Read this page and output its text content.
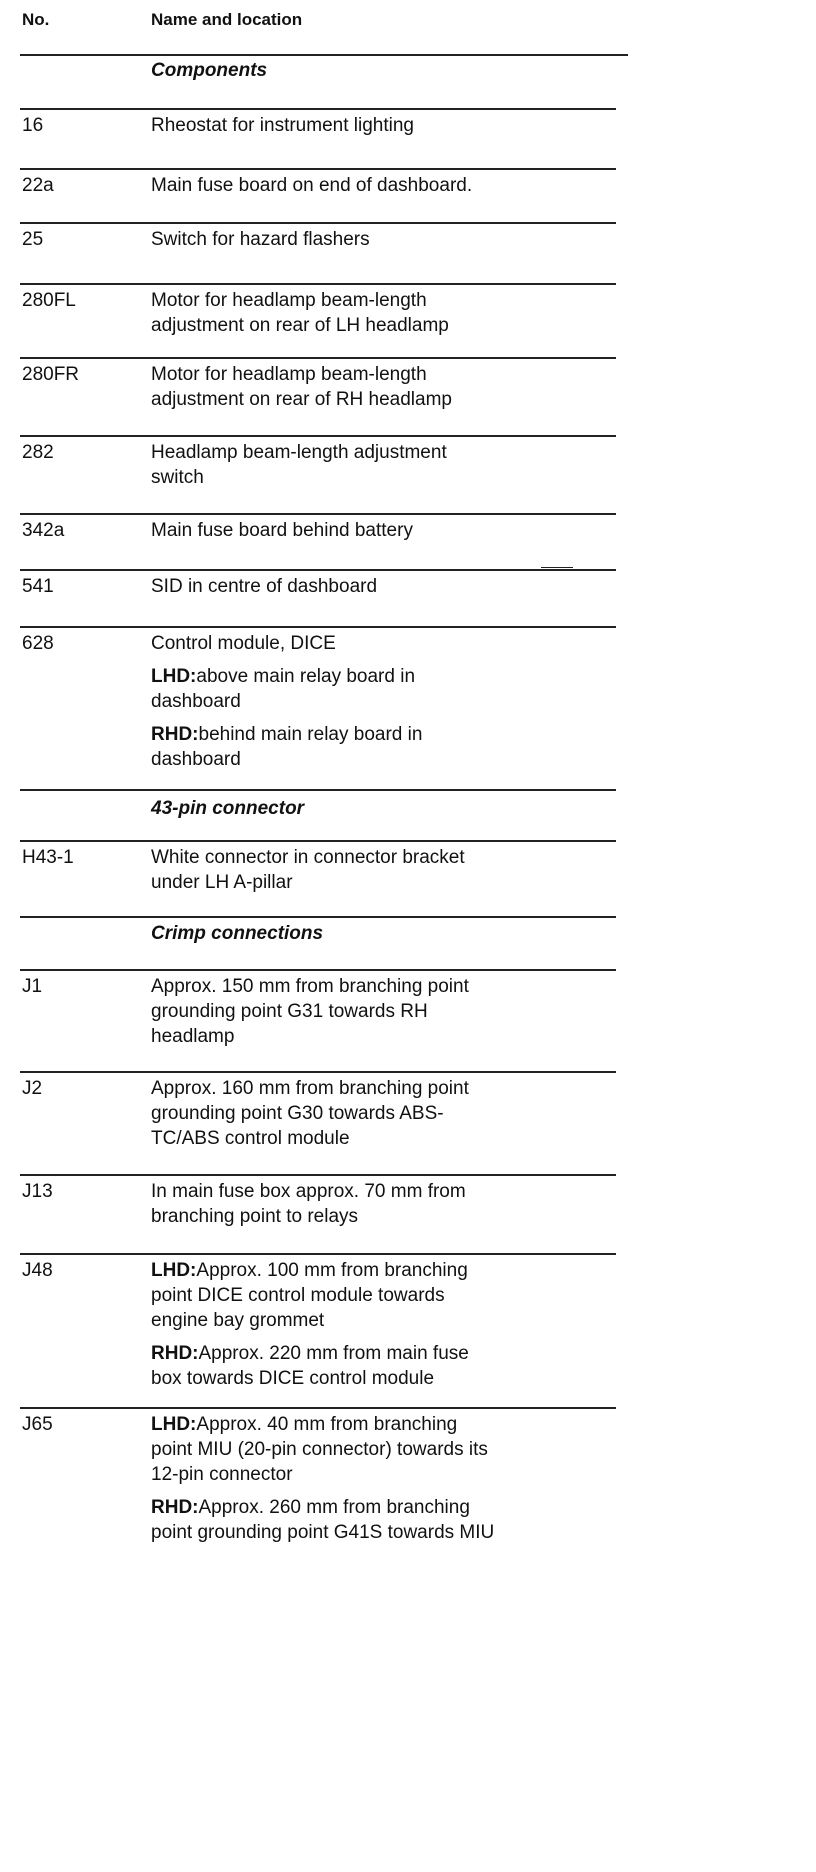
No.	Name and location
Components
16	Rheostat for instrument lighting
22a	Main fuse board on end of dashboard.
25	Switch for hazard flashers
280FL	Motor for headlamp beam-length
adjustment on rear of LH headlamp
280FR	Motor for headlamp beam-length
adjustment on rear of RH headlamp
282	Headlamp beam-length adjustment
switch
342a	Main fuse board behind battery
541	SID in centre of dashboard
628	Control module, DICE
LHD:above main relay board in
dashboard
RHD:behind main relay board in
dashboard
43-pin connector
H43-1	White connector in connector bracket
under LH A-pillar
Crimp connections
J1	Approx. 150 mm from branching point
grounding point G31 towards RH
headlamp
J2	Approx. 160 mm from branching point
grounding point G30 towards ABS-
TC/ABS control module
J13	In main fuse box approx. 70 mm from
branching point to relays
J48	LHD:Approx. 100 mm from branching
point DICE control module towards
engine bay grommet
RHD:Approx. 220 mm from main fuse
box towards DICE control module
J65	LHD:Approx. 40 mm from branching
point MIU (20-pin connector) towards its
12-pin connector
RHD:Approx. 260 mm from branching
point grounding point G41S towards MIU
